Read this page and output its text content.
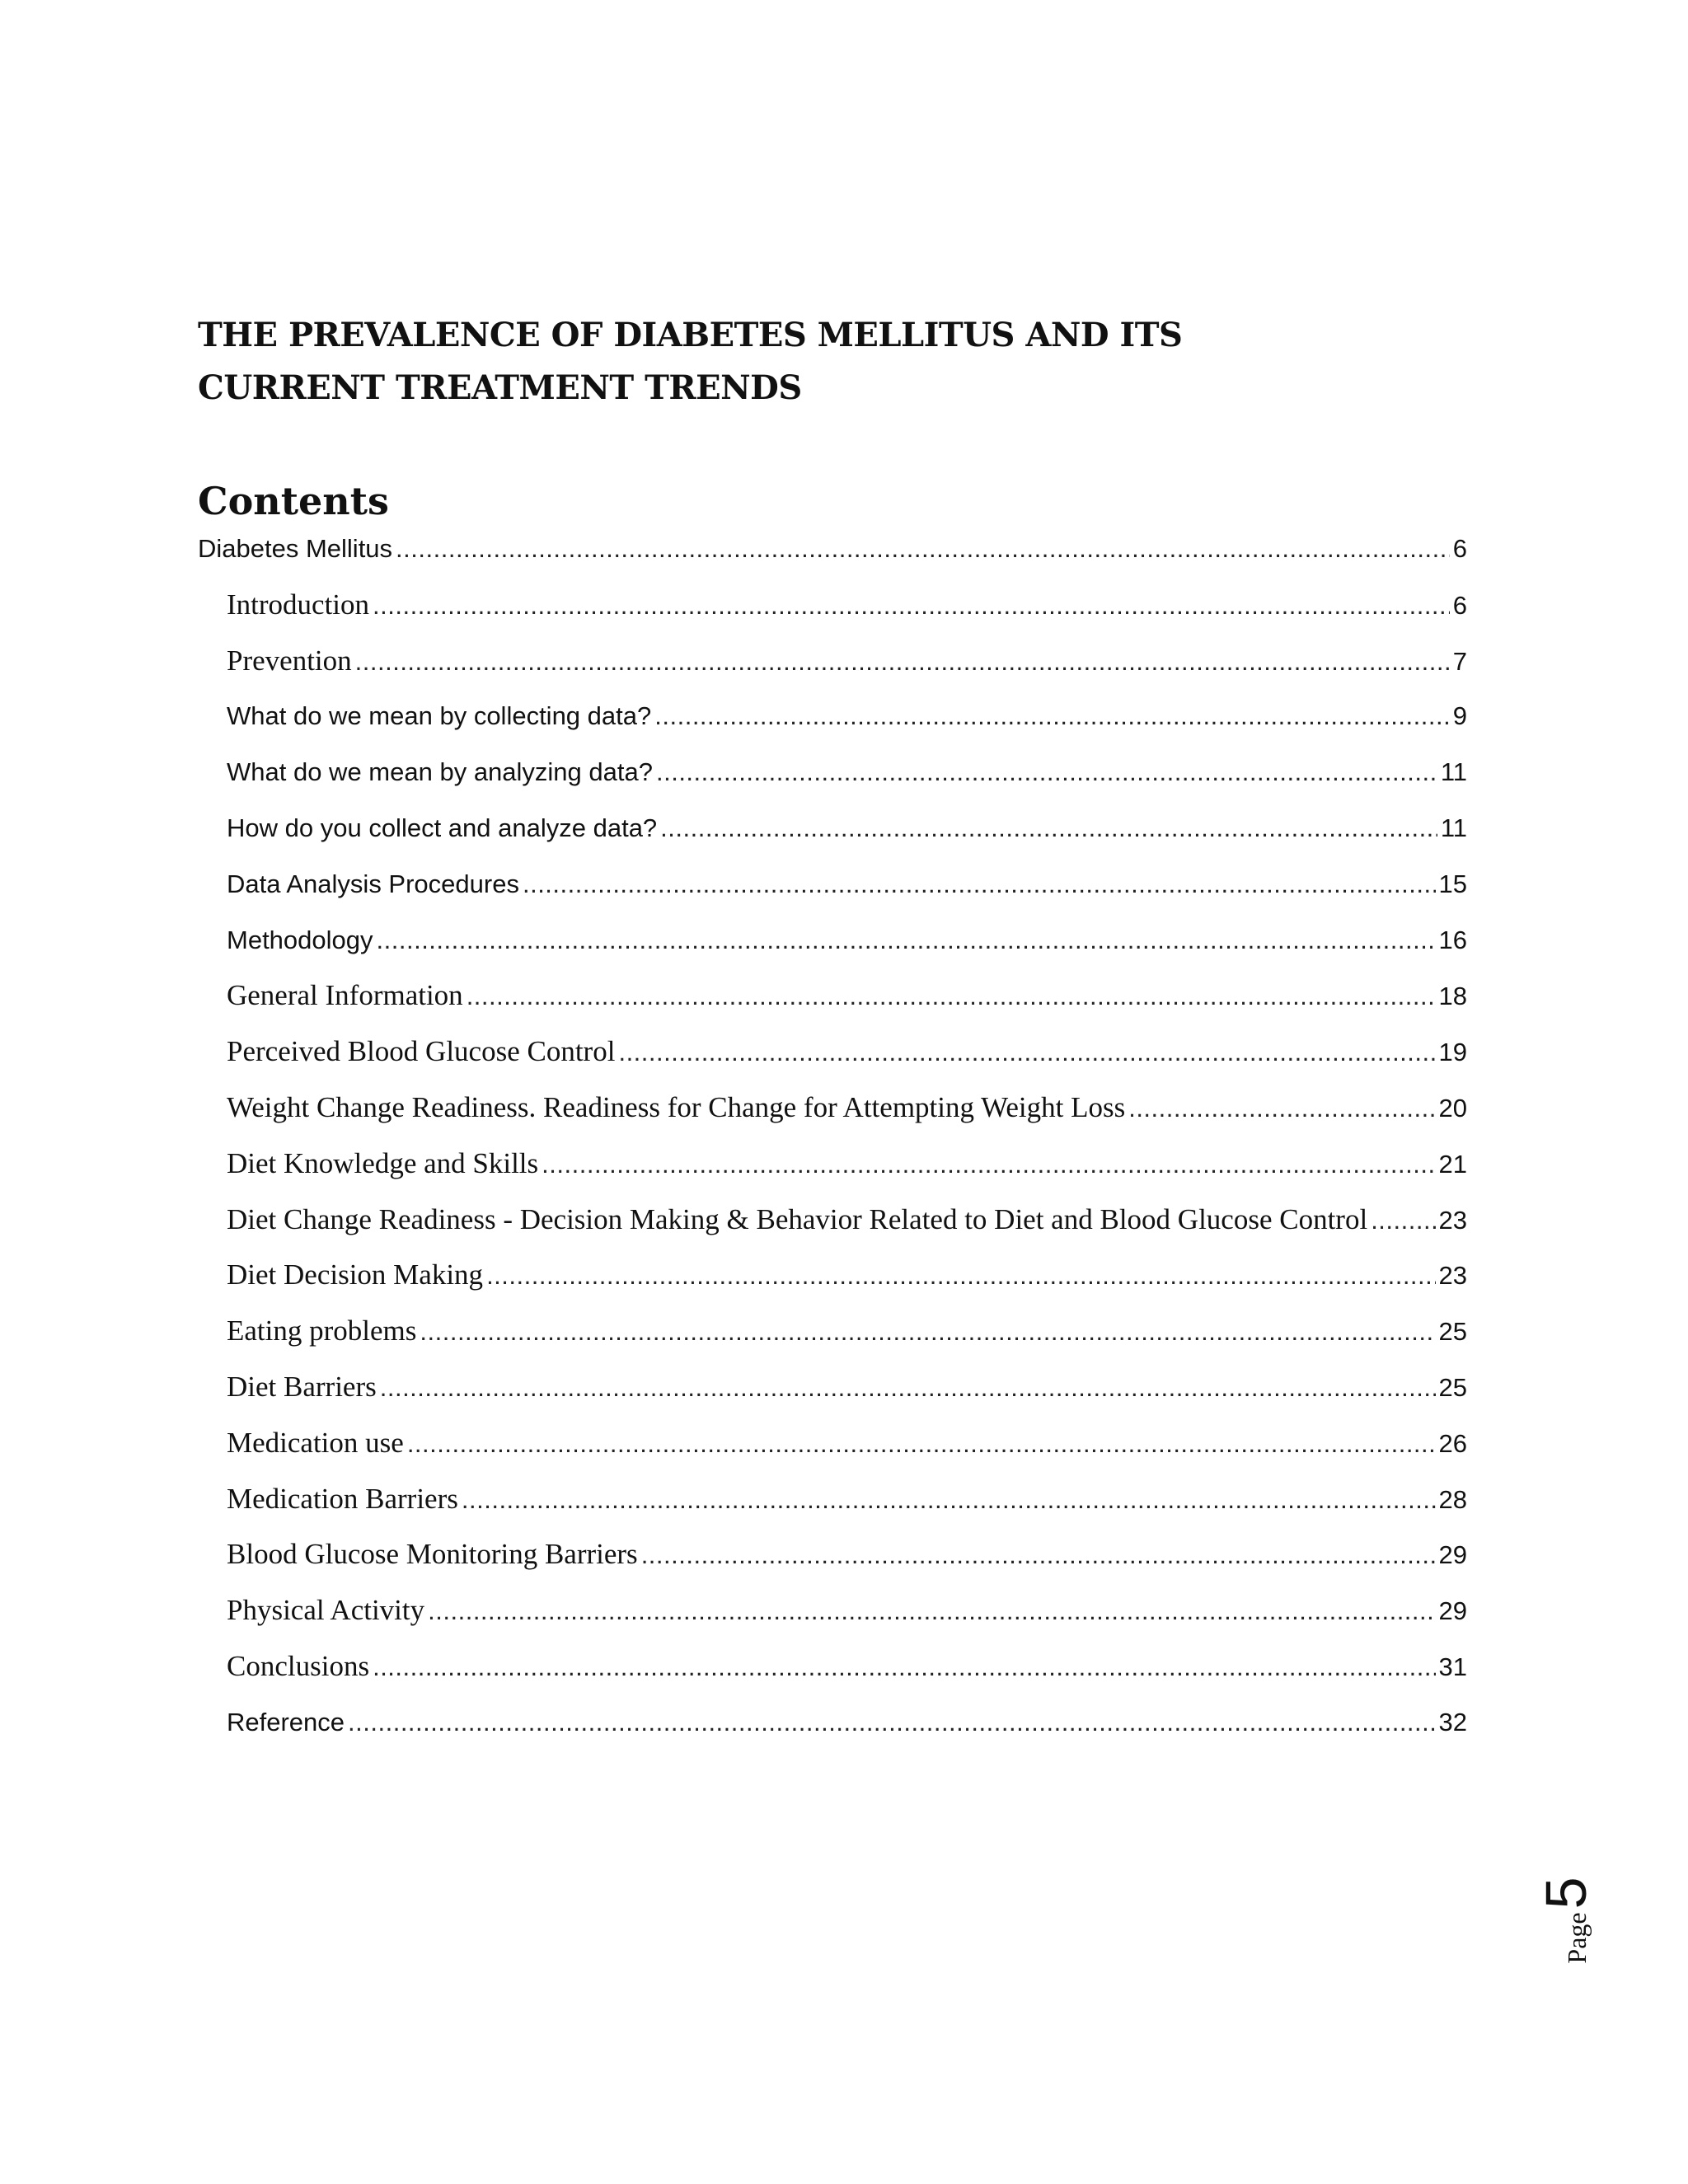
THE PREVALENCE OF DIABETES MELLITUS AND ITS CURRENT TREATMENT TRENDS
Contents
Diabetes Mellitus .....	6
Introduction .....	6
Prevention .....	7
What do we mean by collecting data? .....	9
What do we mean by analyzing data? .....	11
How do you collect and analyze data? .....	11
Data Analysis Procedures .....	15
Methodology .....	16
General Information .....	18
Perceived Blood Glucose Control .....	19
Weight Change Readiness. Readiness for Change for Attempting Weight Loss .....	20
Diet Knowledge and Skills .....	21
Diet Change Readiness - Decision Making & Behavior Related to Diet and Blood Glucose Control .....	23
Diet Decision Making .....	23
Eating problems .....	25
Diet Barriers .....	25
Medication use .....	26
Medication Barriers .....	28
Blood Glucose Monitoring Barriers .....	29
Physical Activity .....	29
Conclusions .....	31
Reference .....	32
Page
5
